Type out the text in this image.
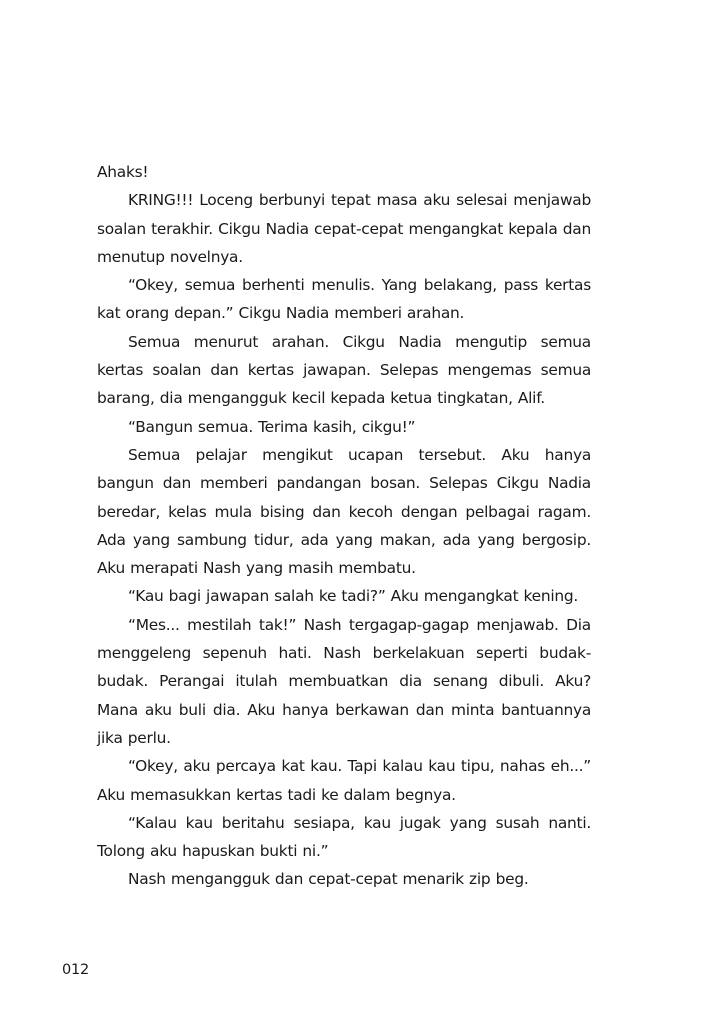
Ahaks!

KRING!!! Loceng berbunyi tepat masa aku selesai menjawab soalan terakhir. Cikgu Nadia cepat-cepat mengangkat kepala dan menutup novelnya.

“Okey, semua berhenti menulis. Yang belakang, pass kertas kat orang depan.” Cikgu Nadia memberi arahan.

Semua menurut arahan. Cikgu Nadia mengutip semua kertas soalan dan kertas jawapan. Selepas mengemas semua barang, dia mengangguk kecil kepada ketua tingkatan, Alif.

“Bangun semua. Terima kasih, cikgu!”

Semua pelajar mengikut ucapan tersebut. Aku hanya bangun dan memberi pandangan bosan. Selepas Cikgu Nadia beredar, kelas mula bising dan kecoh dengan pelbagai ragam. Ada yang sambung tidur, ada yang makan, ada yang bergosip. Aku merapati Nash yang masih membatu.

“Kau bagi jawapan salah ke tadi?” Aku mengangkat kening.

“Mes... mestilah tak!” Nash tergagap-gagap menjawab. Dia menggeleng sepenuh hati. Nash berkelakuan seperti budak-budak. Perangai itulah membuatkan dia senang dibuli. Aku? Mana aku buli dia. Aku hanya berkawan dan minta bantuannya jika perlu.

“Okey, aku percaya kat kau. Tapi kalau kau tipu, nahas eh...” Aku memasukkan kertas tadi ke dalam begnya.

“Kalau kau beritahu sesiapa, kau jugak yang susah nanti. Tolong aku hapuskan bukti ni.”

Nash mengangguk dan cepat-cepat menarik zip beg.

012
